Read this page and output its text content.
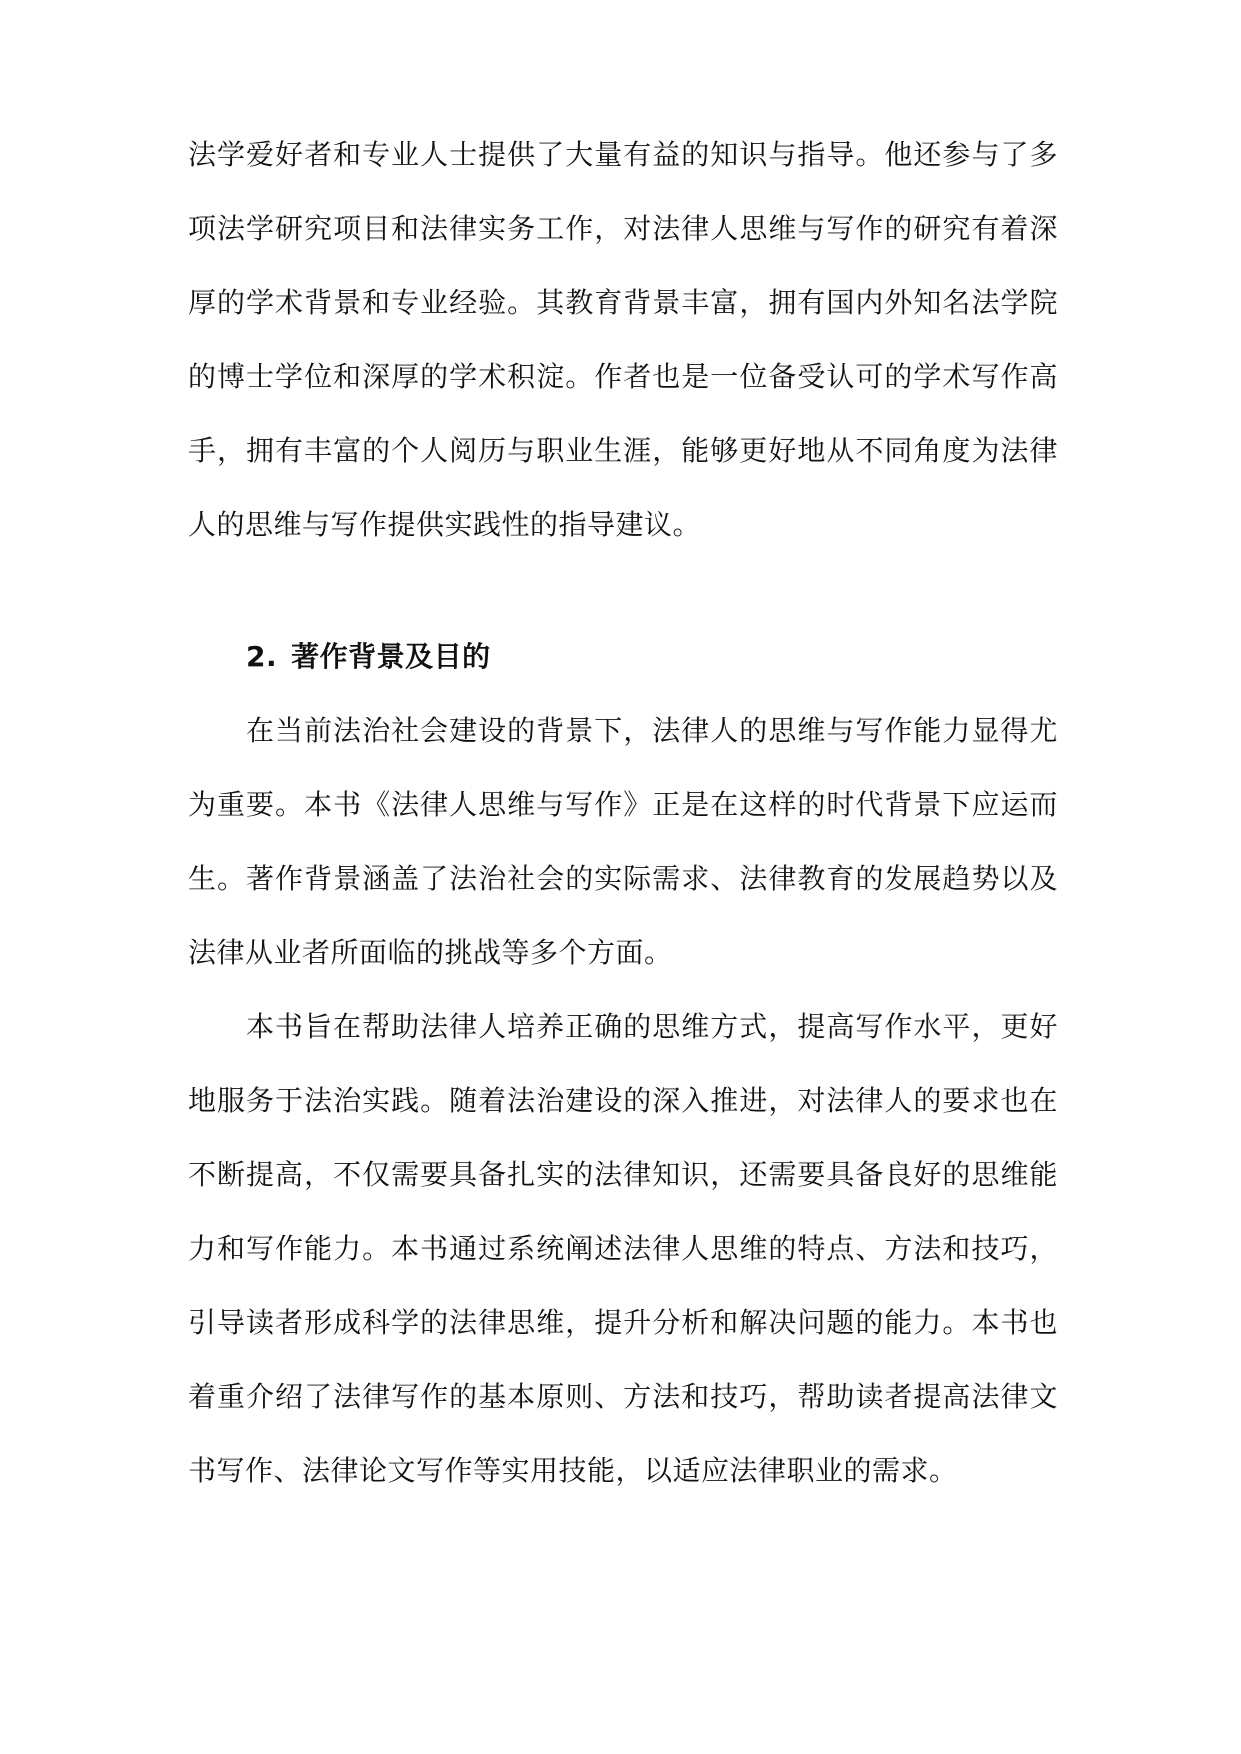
法学爱好者和专业人士提供了大量有益的知识与指导。他还参与了多
项法学研究项目和法律实务工作，对法律人思维与写作的研究有着深
厚的学术背景和专业经验。其教育背景丰富，拥有国内外知名法学院
的博士学位和深厚的学术积淀。作者也是一位备受认可的学术写作高
手，拥有丰富的个人阅历与职业生涯，能够更好地从不同角度为法律
人的思维与写作提供实践性的指导建议。
2. 著作背景及目的
在当前法治社会建设的背景下，法律人的思维与写作能力显得尤
为重要。本书《法律人思维与写作》正是在这样的时代背景下应运而
生。著作背景涵盖了法治社会的实际需求、法律教育的发展趋势以及
法律从业者所面临的挑战等多个方面。
本书旨在帮助法律人培养正确的思维方式，提高写作水平，更好
地服务于法治实践。随着法治建设的深入推进，对法律人的要求也在
不断提高，不仅需要具备扎实的法律知识，还需要具备良好的思维能
力和写作能力。本书通过系统阐述法律人思维的特点、方法和技巧，
引导读者形成科学的法律思维，提升分析和解决问题的能力。本书也
着重介绍了法律写作的基本原则、方法和技巧，帮助读者提高法律文
书写作、法律论文写作等实用技能，以适应法律职业的需求。
